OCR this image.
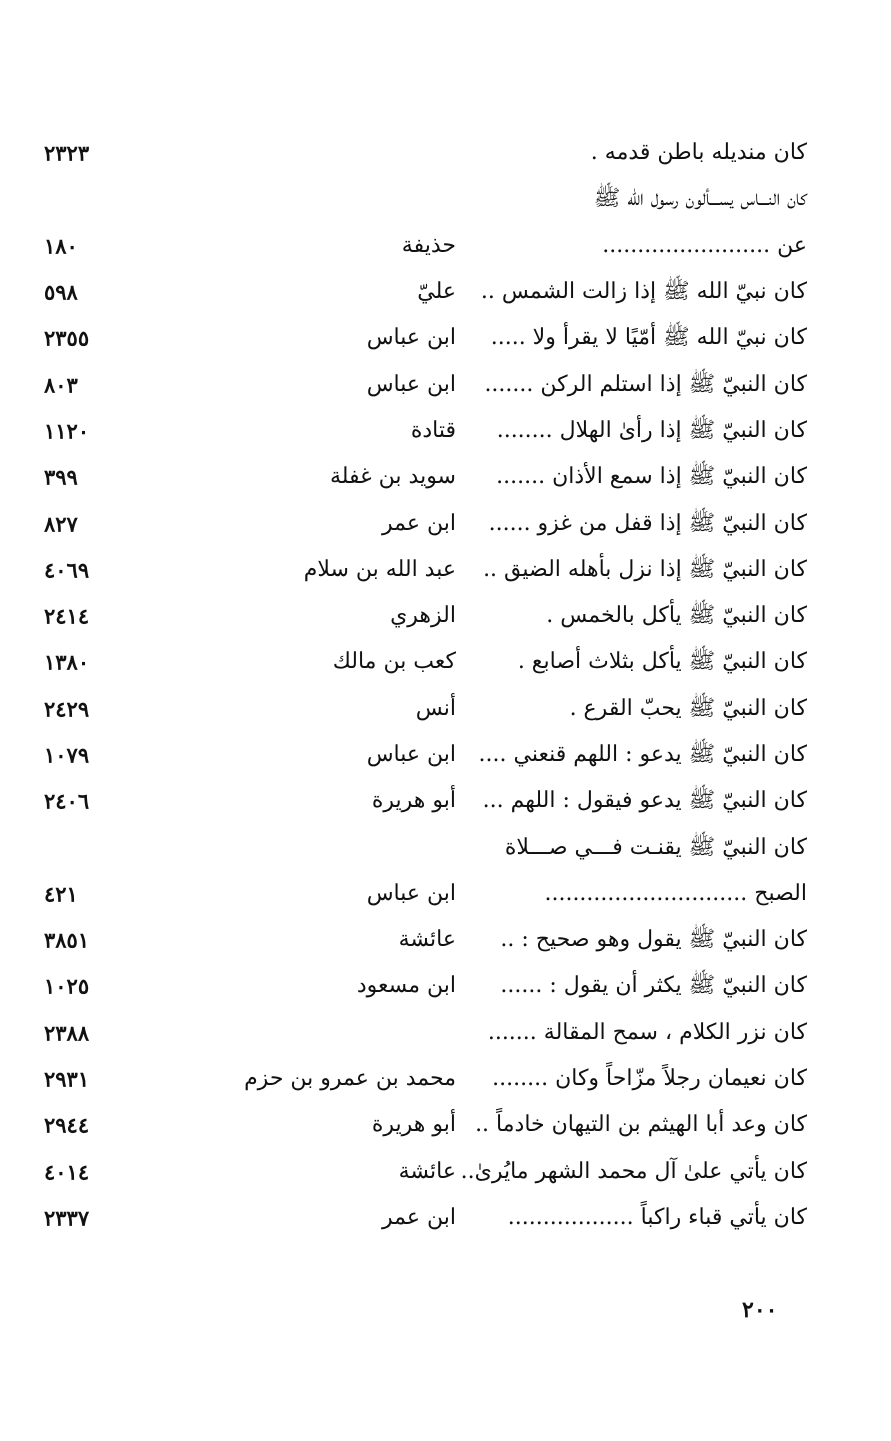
كان منديله باطن قدمه .
٢٣٢٣
كان النـــاس يســـألون رسول الله ﷺ
عن ........................
حذيفة
١٨٠
كان نبيّ الله ﷺ إذا زالت الشمس ..
عليّ
٥٩٨
كان نبيّ الله ﷺ أمّيًا لا يقرأ ولا .....
ابن عباس
٢٣٥٥
كان النبيّ ﷺ إذا استلم الركن .......
ابن عباس
٨٠٣
كان النبيّ ﷺ إذا رأىٰ الهلال ........
قتادة
١١٢٠
كان النبيّ ﷺ إذا سمع الأذان .......
سويد بن غفلة
٣٩٩
كان النبيّ ﷺ إذا قفل من غزو ......
ابن عمر
٨٢٧
كان النبيّ ﷺ إذا نزل بأهله الضيق ..
عبد الله بن سلام
٤٠٦٩
كان النبيّ ﷺ يأكل بالخمس .
الزهري
٢٤١٤
كان النبيّ ﷺ يأكل بثلاث أصابع .
كعب بن مالك
١٣٨٠
كان النبيّ ﷺ يحبّ القرع .
أنس
٢٤٢٩
كان النبيّ ﷺ يدعو : اللهم قنعني ....
ابن عباس
١٠٧٩
كان النبيّ ﷺ يدعو فيقول : اللهم ...
أبو هريرة
٢٤٠٦
كان النبيّ ﷺ يقنـت فـــي صـــلاة
الصبح .............................
ابن عباس
٤٢١
كان النبيّ ﷺ يقول وهو صحيح : ..
عائشة
٣٨٥١
كان النبيّ ﷺ يكثر أن يقول : ......
ابن مسعود
١٠٢٥
كان نزر الكلام ، سمح المقالة .......
٢٣٨٨
كان نعيمان رجلاً مزّاحاً وكان ........
محمد بن عمرو بن حزم
٢٩٣١
كان وعد أبا الهيثم بن التيهان خادماً ..
أبو هريرة
٢٩٤٤
كان يأتي علىٰ آل محمد الشهر مايُرىٰ..
عائشة
٤٠١٤
كان يأتي قباء راكباً ..................
ابن عمر
٢٣٣٧
٢٠٠
